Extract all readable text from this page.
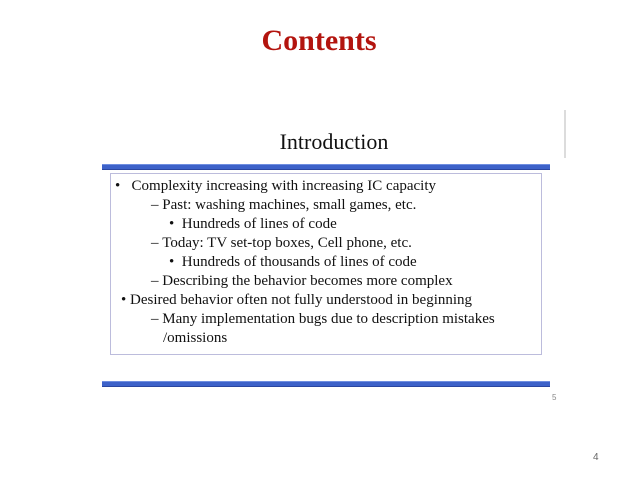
Contents
Introduction
• Complexity increasing with increasing IC capacity
– Past: washing machines, small games, etc.
• Hundreds of lines of code
– Today: TV set-top boxes, Cell phone, etc.
• Hundreds of thousands of lines of code
– Describing the behavior becomes more complex
• Desired behavior often not fully understood in beginning
– Many implementation bugs due to description mistakes
/omissions
5
4
